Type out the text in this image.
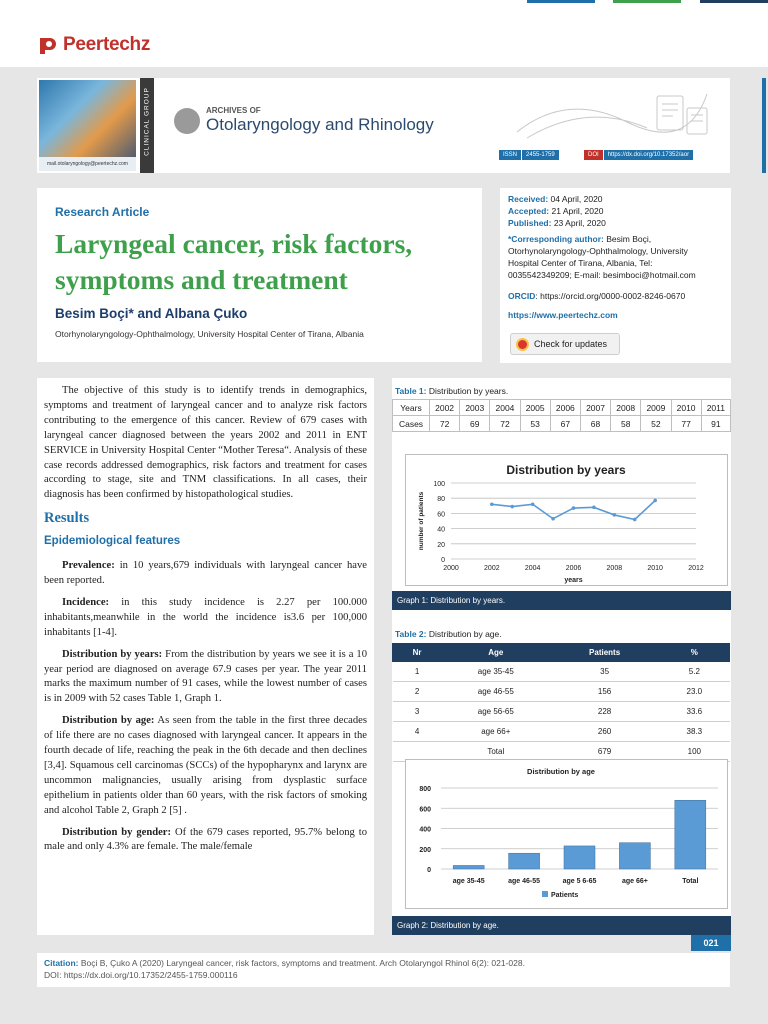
Peertechz
mail.otolaryngology@peertechz.com
CLINICAL GROUP	ARCHIVES OF
Otolaryngology and Rhinology
ISSN	2455-1759	DOI	https://dx.doi.org/10.17352/aor
Research Article
Laryngeal cancer, risk factors, symptoms and treatment
Besim Boçi* and Albana Çuko
Otorhynolaryngology-Ophthalmology, University Hospital Center of Tirana, Albania
Received: 04 April, 2020
Accepted: 21 April, 2020
Published: 23 April, 2020
*Corresponding author: Besim Boçi, Otorhynolaryngology-Ophthalmology, University Hospital Center of Tirana, Albania, Tel: 0035542349209; E-mail: besimboci@hotmail.com
ORCID: https://orcid.org/0000-0002-8246-0670
https://www.peertechz.com
Check for updates

The objective of this study is to identify trends in demographics, symptoms and treatment of laryngeal cancer and to analyze risk factors contributing to the emergence of this cancer. Review of 679 cases with laryngeal cancer diagnosed between the years 2002 and 2011 in ENT SERVICE in University Hospital Center “Mother Teresa“. Analysis of these case records addressed demographics, risk factors and treatment for cases according to stage, site and TNM classifications. In all cases, their diagnosis has been confirmed by histopathological studies.

Results
Epidemiological features

Prevalence: in 10 years,679 individuals with laryngeal cancer have been reported.

Incidence: in this study incidence is 2.27 per 100.000 inhabitants,meanwhile in the world the incidence is3.6 per 100,000 inhabitants [1-4].

Distribution by years: From the distribution by years we see it is a 10 year period are diagnosed on average 67.9 cases per year. The year 2011 marks the maximum number of 91 cases, while the lowest number of cases is in 2009 with 52 cases Table 1, Graph 1.

Distribution by age: As seen from the table in the first three decades of life there are no cases diagnosed with laryngeal cancer. It appears in the fourth decade of life, reaching the peak in the 6th decade and then declines [3,4]. Squamous cell carcinomas (SCCs) of the hypopharynx and larynx are uncommon malignancies, usually arising from dysplastic surface epithelium in patients older than 60 years, with the risk factors of smoking and alcohol Table 2, Graph 2 [5] .

Distribution by gender: Of the 679 cases reported, 95.7% belong to male and only 4.3% are female. The male/female

Table 1: Distribution by years.
Years	2002	2003	2004	2005	2006	2007	2008	2009	2010	2011
Cases	72	69	72	53	67	68	58	52	77	91
Distribution by years
0
20
40
60
80
100
2000	2002	2004	2006	2008	2010	2012
years
number of patients
Graph 1: Distribution by years.
Table 2: Distribution by age.
Nr	Age	Patients	%
1	age 35-45	35	5.2
2	age 46-55	156	23.0
3	age 56-65	228	33.6
4	age 66+	260	38.3
	Total	679	100
Distribution by age
0
200
400
600
800
age 35-45	age 46-55	age 5 6-65	age 66+	Total
Patients
Graph 2: Distribution by age.
021
Citation: Boçi B, Çuko A (2020) Laryngeal cancer, risk factors, symptoms and treatment. Arch Otolaryngol Rhinol 6(2): 021-028.
DOI: https://dx.doi.org/10.17352/2455-1759.000116
